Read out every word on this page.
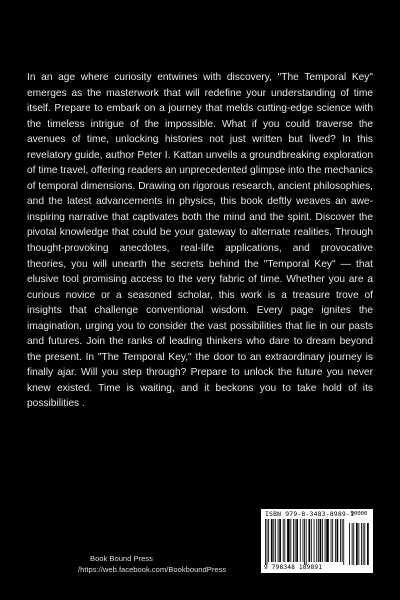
In an age where curiosity entwines with discovery, "The Temporal Key" emerges as the masterwork that will redefine your understanding of time itself. Prepare to embark on a journey that melds cutting-edge science with the timeless intrigue of the impossible. What if you could traverse the avenues of time, unlocking histories not just written but lived? In this revelatory guide, author Peter I. Kattan unveils a groundbreaking exploration of time travel, offering readers an unprecedented glimpse into the mechanics of temporal dimensions. Drawing on rigorous research, ancient philosophies, and the latest advancements in physics, this book deftly weaves an awe-inspiring narrative that captivates both the mind and the spirit. Discover the pivotal knowledge that could be your gateway to alternate realities. Through thought-provoking anecdotes, real-life applications, and provocative theories, you will unearth the secrets behind the "Temporal Key" — that elusive tool promising access to the very fabric of time. Whether you are a curious novice or a seasoned scholar, this work is a treasure trove of insights that challenge conventional wisdom. Every page ignites the imagination, urging you to consider the vast possibilities that lie in our pasts and futures. Join the ranks of leading thinkers who dare to dream beyond the present. In "The Temporal Key," the door to an extraordinary journey is finally ajar. Will you step through? Prepare to unlock the future you never knew existed. Time is waiting, and it beckons you to take hold of its possibilities .

Book Bound Press
/https://web.facebook.com/BookboundPress
ISBN 979-8-3483-8989-1
90000
9 798348 189891
